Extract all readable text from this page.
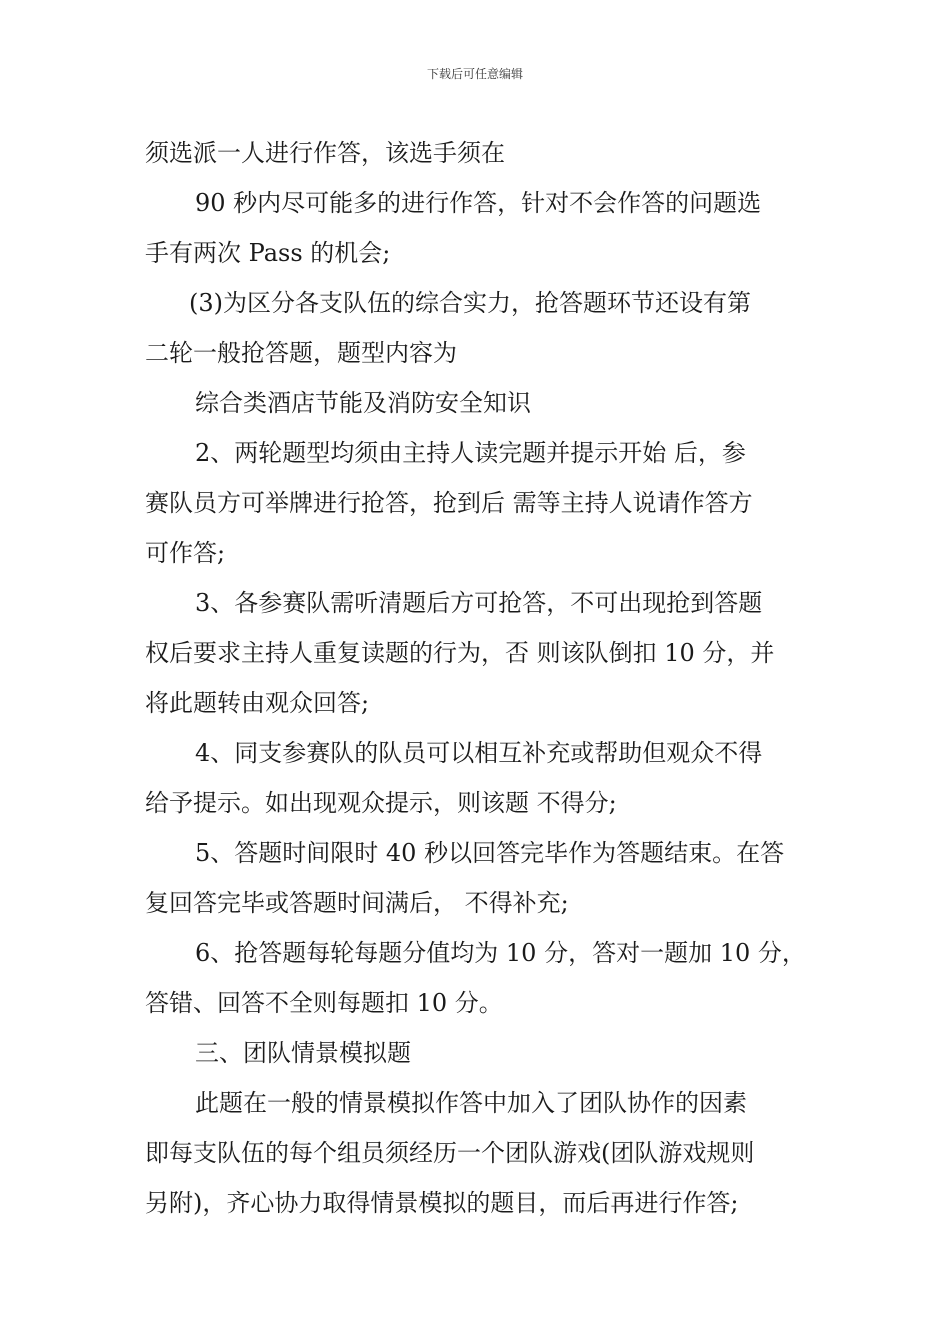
下载后可任意编辑
须选派一人进行作答，该选手须在
90 秒内尽可能多的进行作答，针对不会作答的问题选
手有两次 Pass 的机会;
(3)为区分各支队伍的综合实力，抢答题环节还设有第
二轮一般抢答题，题型内容为
综合类酒店节能及消防安全知识
2、两轮题型均须由主持人读完题并提示开始 后，参
赛队员方可举牌进行抢答，抢到后 需等主持人说请作答方
可作答;
3、各参赛队需听清题后方可抢答，不可出现抢到答题
权后要求主持人重复读题的行为，否 则该队倒扣 10 分，并
将此题转由观众回答;
4、同支参赛队的队员可以相互补充或帮助但观众不得
给予提示。如出现观众提示，则该题 不得分;
5、答题时间限时 40 秒以回答完毕作为答题结束。在答
复回答完毕或答题时间满后， 不得补充;
6、抢答题每轮每题分值均为 10 分，答对一题加 10 分，
答错、回答不全则每题扣 10 分。
三、团队情景模拟题
此题在一般的情景模拟作答中加入了团队协作的因素
即每支队伍的每个组员须经历一个团队游戏(团队游戏规则
另附)，齐心协力取得情景模拟的题目，而后再进行作答;
